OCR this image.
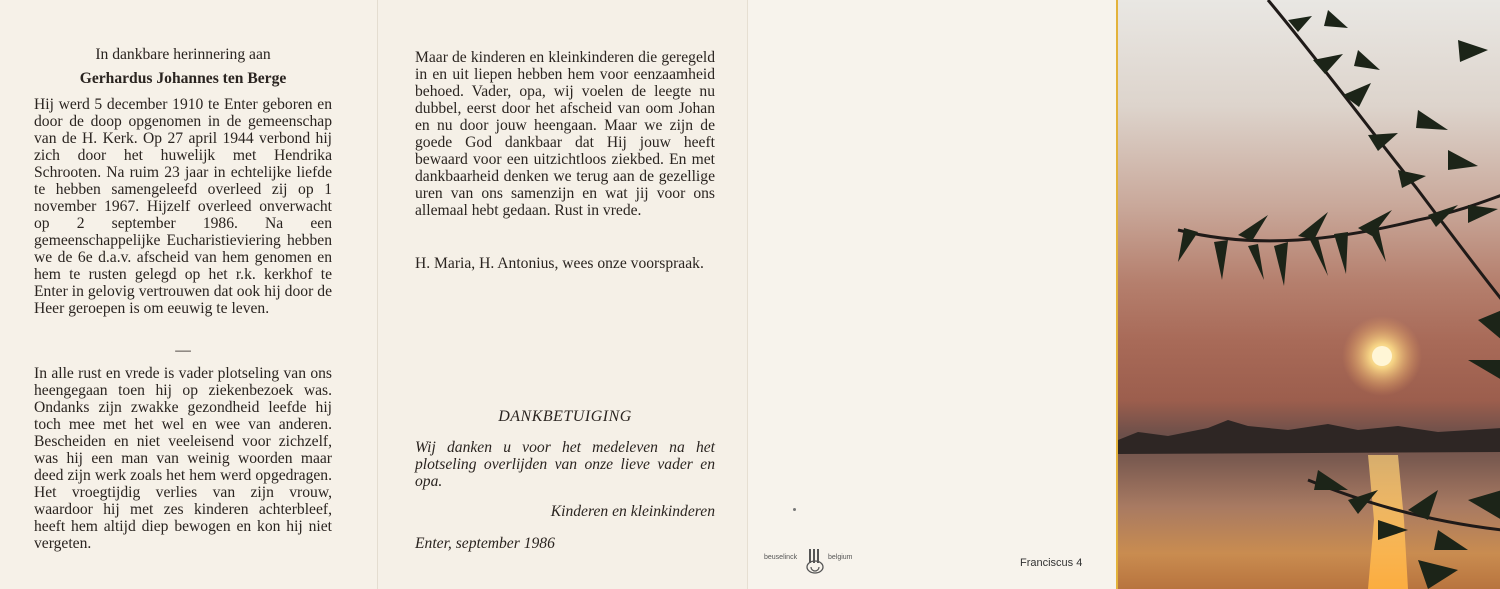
In dankbare herinnering aan
Gerhardus Johannes ten Berge
Hij werd 5 december 1910 te Enter geboren en door de doop opgenomen in de gemeenschap van de H. Kerk. Op 27 april 1944 verbond hij zich door het huwelijk met Hendrika Schrooten. Na ruim 23 jaar in echtelijke liefde te hebben samengeleefd overleed zij op 1 november 1967. Hijzelf overleed onverwacht op 2 september 1986. Na een gemeenschappelijke Eucharistieviering hebben we de 6e d.a.v. afscheid van hem genomen en hem te rusten gelegd op het r.k. kerkhof te Enter in gelovig vertrouwen dat ook hij door de Heer geroepen is om eeuwig te leven.
—
In alle rust en vrede is vader plotseling van ons heengegaan toen hij op ziekenbezoek was. Ondanks zijn zwakke gezondheid leefde hij toch mee met het wel en wee van anderen. Bescheiden en niet veeleisend voor zichzelf, was hij een man van weinig woorden maar deed zijn werk zoals het hem werd opgedragen. Het vroegtijdig verlies van zijn vrouw, waardoor hij met zes kinderen achterbleef, heeft hem altijd diep bewogen en kon hij niet vergeten.
Maar de kinderen en kleinkinderen die geregeld in en uit liepen hebben hem voor eenzaamheid behoed. Vader, opa, wij voelen de leegte nu dubbel, eerst door het afscheid van oom Johan en nu door jouw heengaan. Maar we zijn de goede God dankbaar dat Hij jouw heeft bewaard voor een uitzichtloos ziekbed. En met dankbaarheid denken we terug aan de gezellige uren van ons samenzijn en wat jij voor ons allemaal hebt gedaan. Rust in vrede.
H. Maria, H. Antonius, wees onze voorspraak.
DANKBETUIGING
Wij danken u voor het medeleven na het plotseling overlijden van onze lieve vader en opa.
Kinderen en kleinkinderen
Enter, september 1986
beuselinck	belgium	Franciscus 4
